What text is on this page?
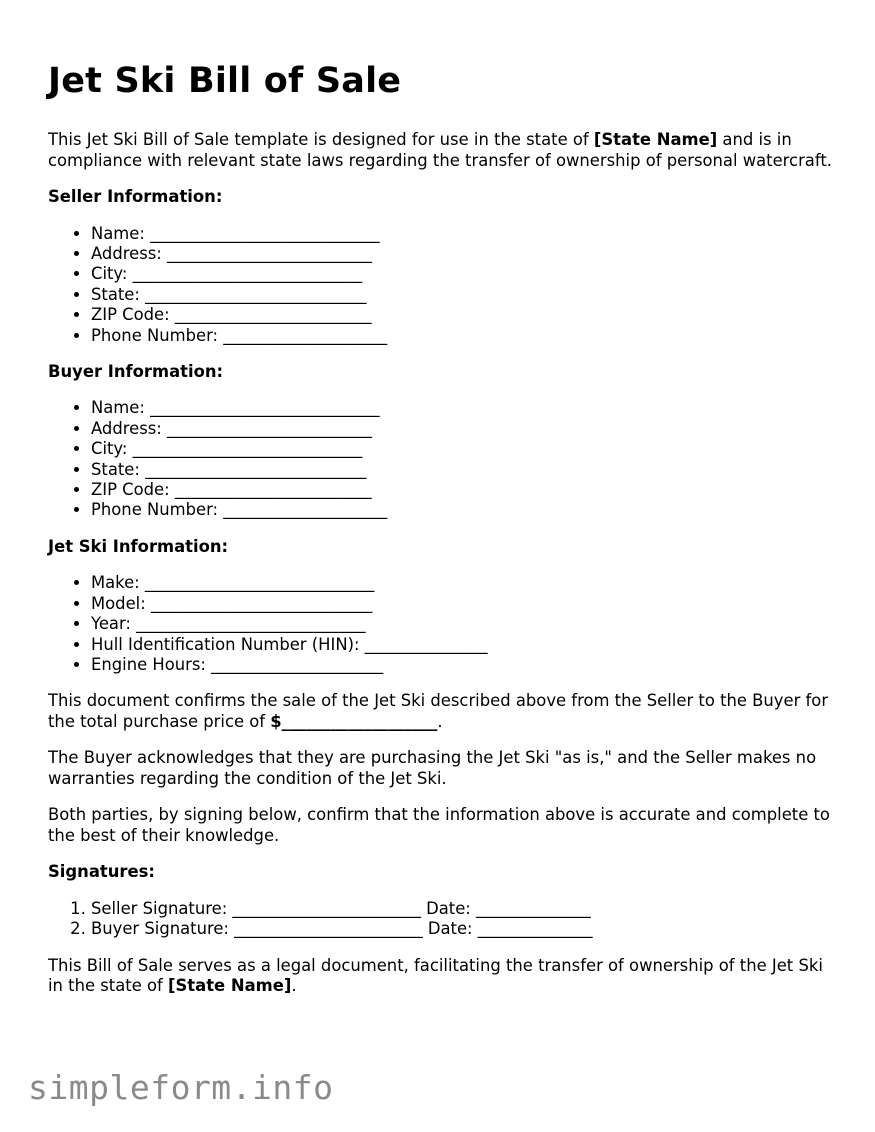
Jet Ski Bill of Sale

This Jet Ski Bill of Sale template is designed for use in the state of [State Name] and is in compliance with relevant state laws regarding the transfer of ownership of personal watercraft.

Seller Information:
• Name: ____________________________
• Address: _________________________
• City: ____________________________
• State: ___________________________
• ZIP Code: ________________________
• Phone Number: ____________________
Buyer Information:
• Name: ____________________________
• Address: _________________________
• City: ____________________________
• State: ___________________________
• ZIP Code: ________________________
• Phone Number: ____________________
Jet Ski Information:
• Make: ____________________________
• Model: ___________________________
• Year: ____________________________
• Hull Identification Number (HIN): _______________
• Engine Hours: _____________________

This document confirms the sale of the Jet Ski described above from the Seller to the Buyer for the total purchase price of $___________________.

The Buyer acknowledges that they are purchasing the Jet Ski "as is," and the Seller makes no warranties regarding the condition of the Jet Ski.

Both parties, by signing below, confirm that the information above is accurate and complete to the best of their knowledge.

Signatures:
1. Seller Signature: _______________________ Date: ______________
2. Buyer Signature: _______________________ Date: ______________

This Bill of Sale serves as a legal document, facilitating the transfer of ownership of the Jet Ski in the state of [State Name].

simpleform.info
